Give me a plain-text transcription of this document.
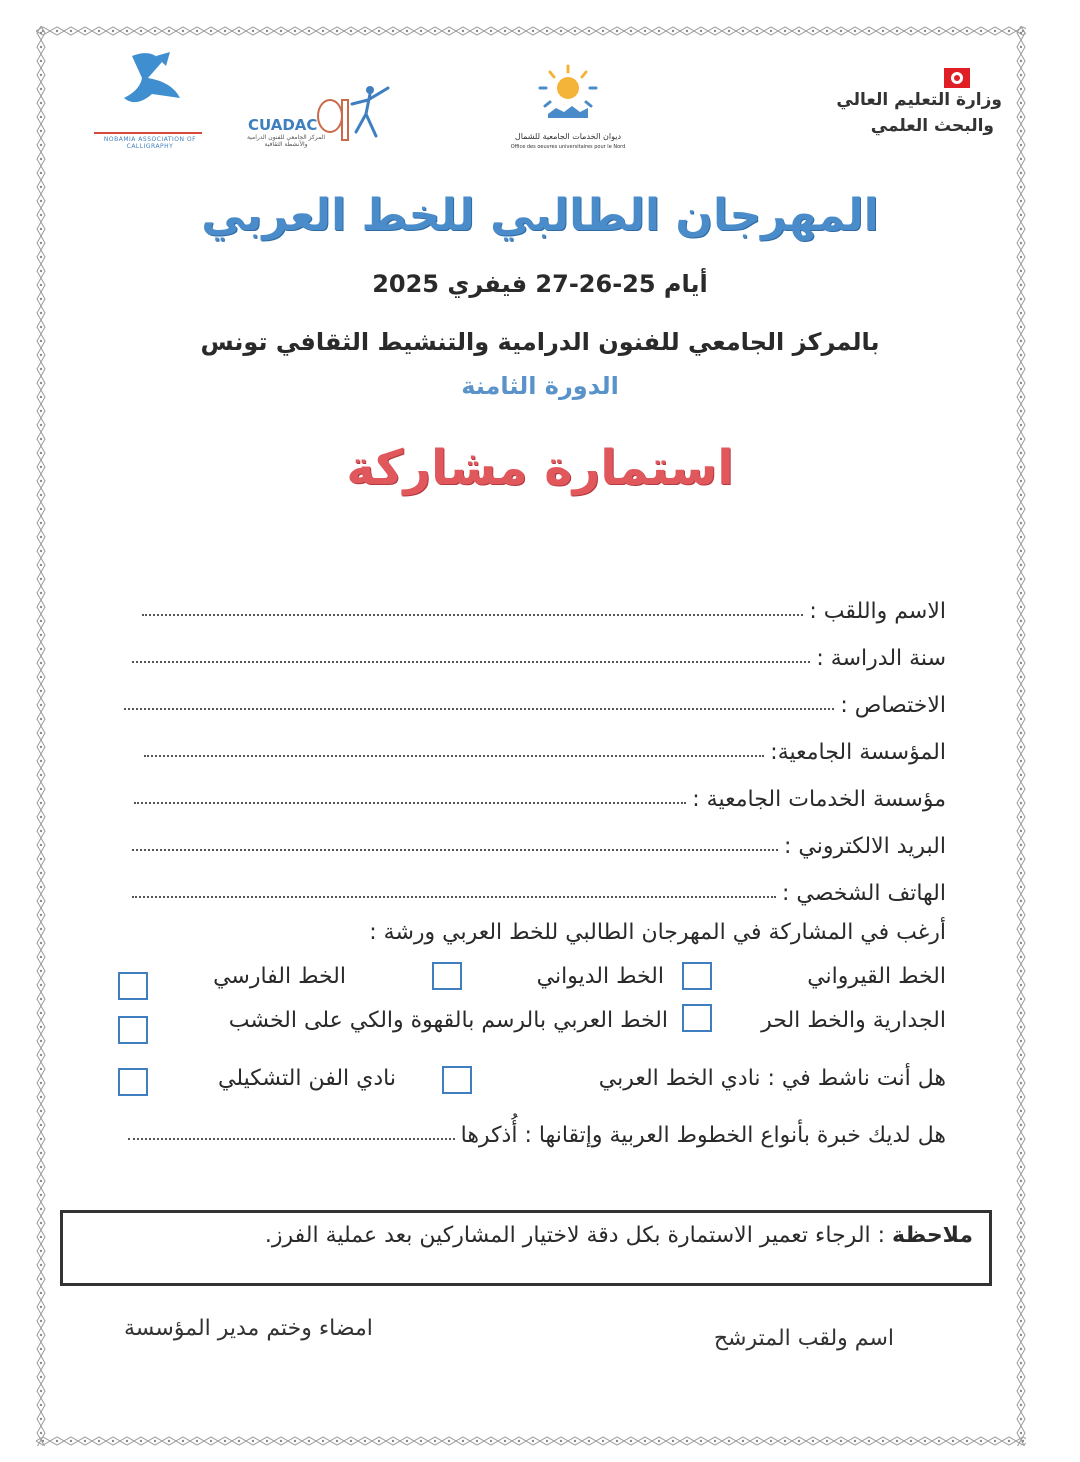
وزارة التعليم العالي
والبحث العلمي
ديوان الخدمات الجامعية للشمال
Office des oeuvres universitaires pour le Nord
CUADAC
المركز الجامعي للفنون الدرامية والأنشطة الثقافية
NOBAMIA ASSOCIATION OF CALLIGRAPHY
المهرجان الطالبي للخط العربي
أيام 25-26-27 فيفري 2025
بالمركز الجامعي للفنون الدرامية والتنشيط الثقافي تونس
الدورة الثامنة
استمارة مشاركة
الاسم واللقب :
سنة الدراسة :
الاختصاص :
المؤسسة الجامعية:
مؤسسة الخدمات الجامعية :
البريد الالكتروني :
الهاتف الشخصي :
أرغب في المشاركة في المهرجان الطالبي للخط العربي ورشة :
الخط القيرواني
الخط الديواني
الخط الفارسي
الجدارية والخط الحر
الخط العربي بالرسم بالقهوة والكي على الخشب
هل أنت ناشط في : نادي الخط العربي
نادي الفن التشكيلي
هل لديك خبرة بأنواع الخطوط العربية وإتقانها : أُذكرها
ملاحظة : الرجاء تعمير الاستمارة بكل دقة لاختيار المشاركين بعد عملية الفرز.
اسم ولقب المترشح
امضاء وختم مدير المؤسسة
